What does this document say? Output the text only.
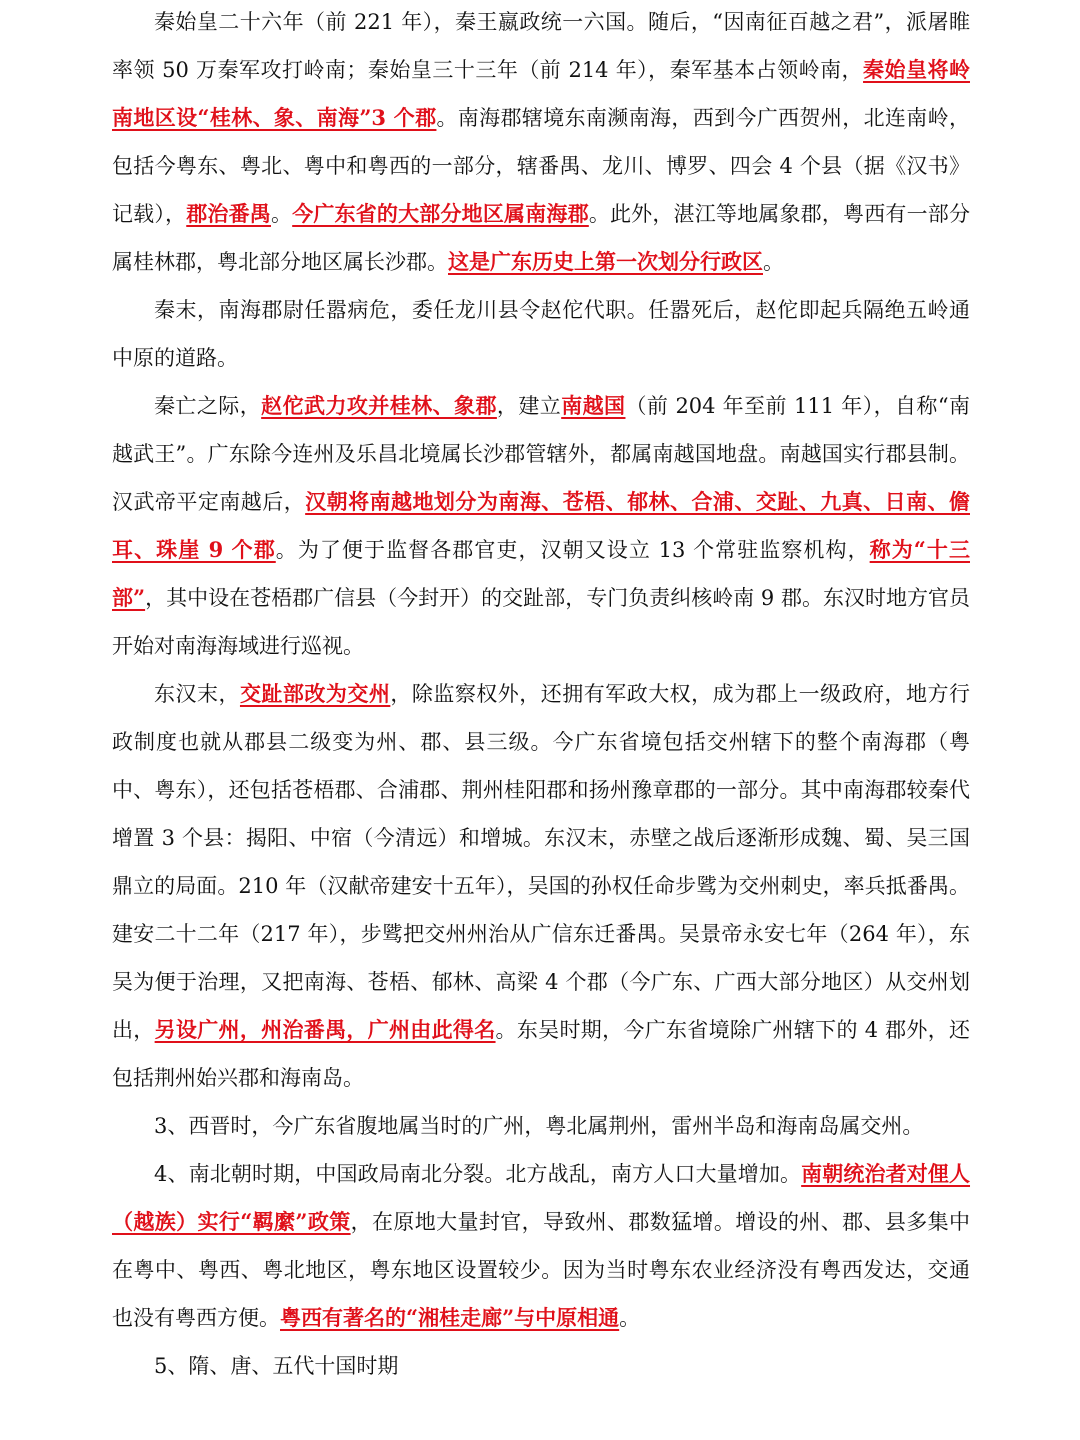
秦始皇二十六年（前 221 年），秦王嬴政统一六国。随后，“因南征百越之君”，派屠睢率领 50 万秦军攻打岭南；秦始皇三十三年（前 214 年），秦军基本占领岭南，秦始皇将岭南地区设“桂林、象、南海”3 个郡。南海郡辖境东南濒南海，西到今广西贺州，北连南岭，包括今粤东、粤北、粤中和粤西的一部分，辖番禺、龙川、博罗、四会 4 个县（据《汉书》记载），郡治番禺。今广东省的大部分地区属南海郡。此外，湛江等地属象郡，粤西有一部分属桂林郡，粤北部分地区属长沙郡。这是广东历史上第一次划分行政区。

秦末，南海郡尉任嚣病危，委任龙川县令赵佗代职。任嚣死后，赵佗即起兵隔绝五岭通中原的道路。

秦亡之际，赵佗武力攻并桂林、象郡，建立南越国（前 204 年至前 111 年），自称“南越武王”。广东除今连州及乐昌北境属长沙郡管辖外，都属南越国地盘。南越国实行郡县制。汉武帝平定南越后，汉朝将南越地划分为南海、苍梧、郁林、合浦、交趾、九真、日南、儋耳、珠崖 9 个郡。为了便于监督各郡官吏，汉朝又设立 13 个常驻监察机构，称为“十三部”，其中设在苍梧郡广信县（今封开）的交趾部，专门负责纠核岭南 9 郡。东汉时地方官员开始对南海海域进行巡视。

东汉末，交趾部改为交州，除监察权外，还拥有军政大权，成为郡上一级政府，地方行政制度也就从郡县二级变为州、郡、县三级。今广东省境包括交州辖下的整个南海郡（粤中、粤东），还包括苍梧郡、合浦郡、荆州桂阳郡和扬州豫章郡的一部分。其中南海郡较秦代增置 3 个县：揭阳、中宿（今清远）和增城。东汉末，赤壁之战后逐渐形成魏、蜀、吴三国鼎立的局面。210 年（汉献帝建安十五年），吴国的孙权任命步骘为交州刺史，率兵抵番禺。建安二十二年（217 年），步骘把交州州治从广信东迁番禺。吴景帝永安七年（264 年），东吴为便于治理，又把南海、苍梧、郁林、高梁 4 个郡（今广东、广西大部分地区）从交州划出，另设广州，州治番禺，广州由此得名。东吴时期，今广东省境除广州辖下的 4 郡外，还包括荆州始兴郡和海南岛。

3、西晋时，今广东省腹地属当时的广州，粤北属荆州，雷州半岛和海南岛属交州。

4、南北朝时期，中国政局南北分裂。北方战乱，南方人口大量增加。南朝统治者对俚人（越族）实行“羁縻”政策，在原地大量封官，导致州、郡数猛增。增设的州、郡、县多集中在粤中、粤西、粤北地区，粤东地区设置较少。因为当时粤东农业经济没有粤西发达，交通也没有粤西方便。粤西有著名的“湘桂走廊”与中原相通。

5、隋、唐、五代十国时期
